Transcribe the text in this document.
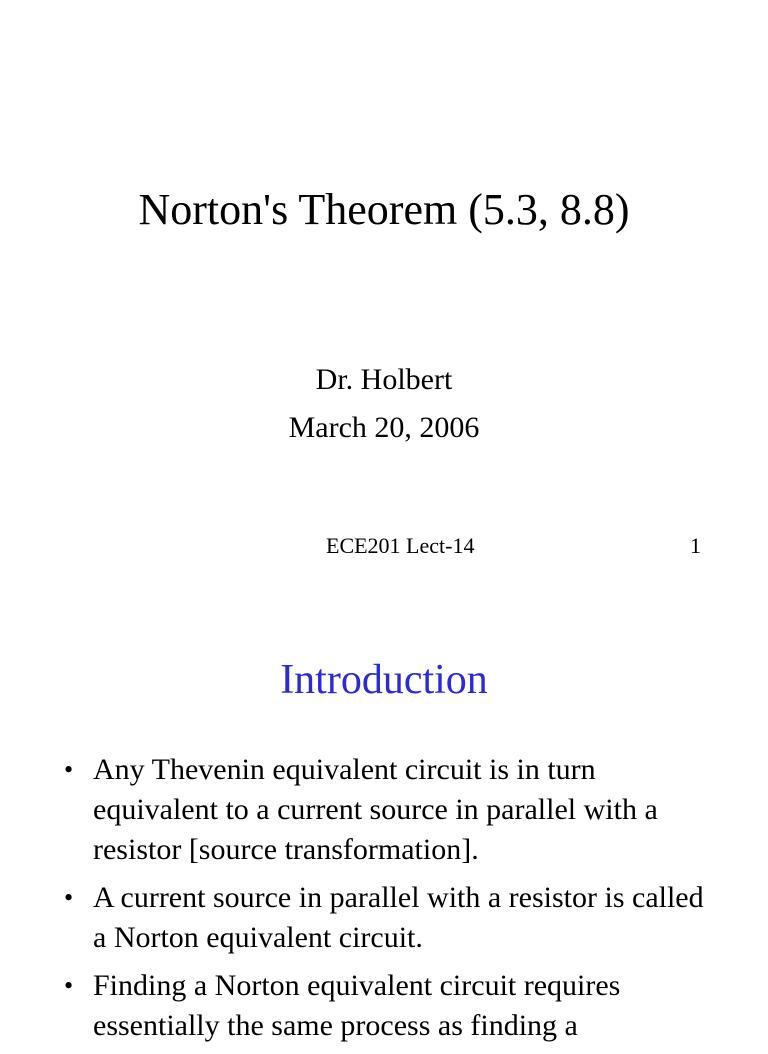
Norton's Theorem (5.3, 8.8)
Dr. Holbert
March 20, 2006
ECE201 Lect-14	1
Introduction
• Any Thevenin equivalent circuit is in turn equivalent to a current source in parallel with a resistor [source transformation].
• A current source in parallel with a resistor is called a Norton equivalent circuit.
• Finding a Norton equivalent circuit requires essentially the same process as finding a
